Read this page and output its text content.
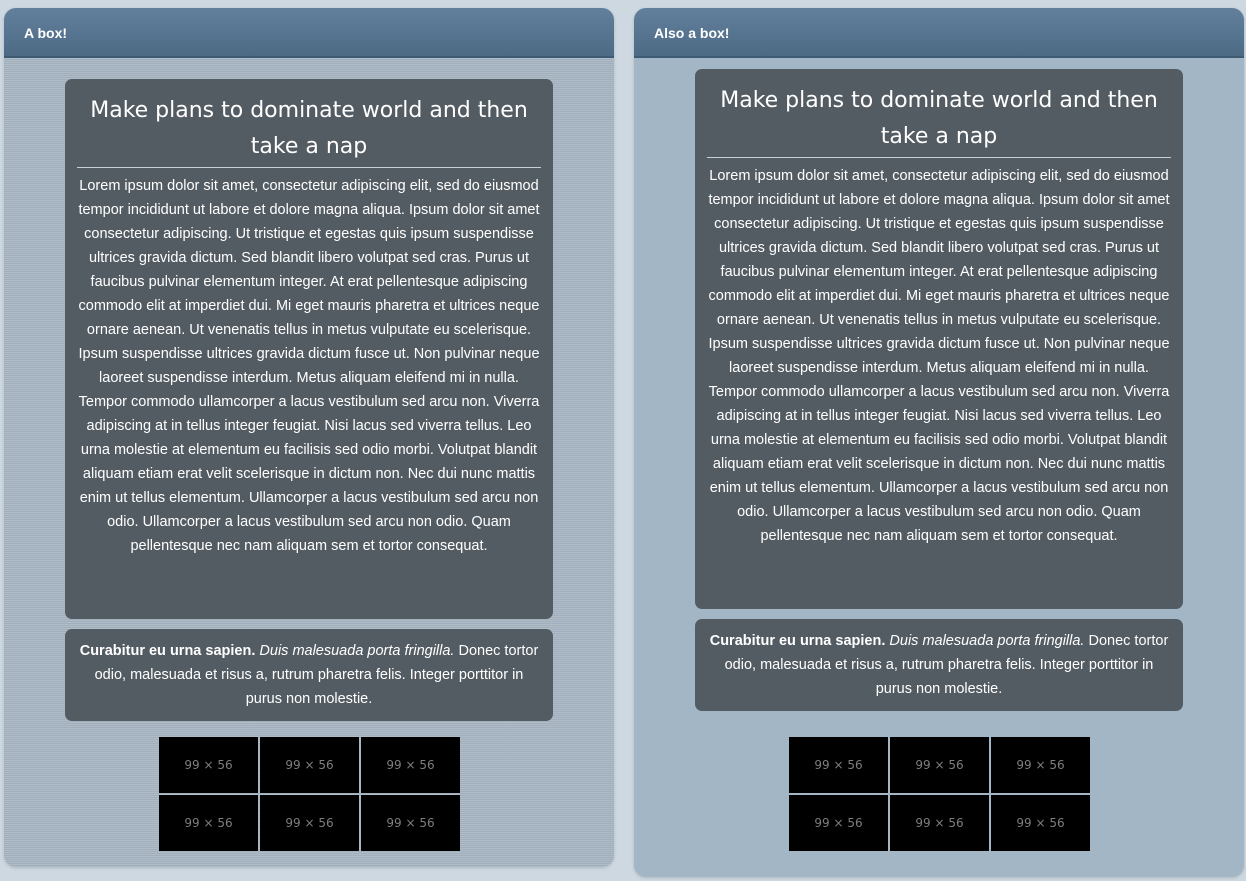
A box!
Make plans to dominate world and then take a nap
Lorem ipsum dolor sit amet, consectetur adipiscing elit, sed do eiusmod tempor incididunt ut labore et dolore magna aliqua. Ipsum dolor sit amet consectetur adipiscing. Ut tristique et egestas quis ipsum suspendisse ultrices gravida dictum. Sed blandit libero volutpat sed cras. Purus ut faucibus pulvinar elementum integer. At erat pellentesque adipiscing commodo elit at imperdiet dui. Mi eget mauris pharetra et ultrices neque ornare aenean. Ut venenatis tellus in metus vulputate eu scelerisque. Ipsum suspendisse ultrices gravida dictum fusce ut. Non pulvinar neque laoreet suspendisse interdum. Metus aliquam eleifend mi in nulla. Tempor commodo ullamcorper a lacus vestibulum sed arcu non. Viverra adipiscing at in tellus integer feugiat. Nisi lacus sed viverra tellus. Leo urna molestie at elementum eu facilisis sed odio morbi. Volutpat blandit aliquam etiam erat velit scelerisque in dictum non. Nec dui nunc mattis enim ut tellus elementum. Ullamcorper a lacus vestibulum sed arcu non odio. Ullamcorper a lacus vestibulum sed arcu non odio. Quam pellentesque nec nam aliquam sem et tortor consequat.
Curabitur eu urna sapien. Duis malesuada porta fringilla. Donec tortor odio, malesuada et risus a, rutrum pharetra felis. Integer porttitor in purus non molestie.
99 × 56	99 × 56	99 × 56
99 × 56	99 × 56	99 × 56
Also a box!
Make plans to dominate world and then take a nap
Lorem ipsum dolor sit amet, consectetur adipiscing elit, sed do eiusmod tempor incididunt ut labore et dolore magna aliqua. Ipsum dolor sit amet consectetur adipiscing. Ut tristique et egestas quis ipsum suspendisse ultrices gravida dictum. Sed blandit libero volutpat sed cras. Purus ut faucibus pulvinar elementum integer. At erat pellentesque adipiscing commodo elit at imperdiet dui. Mi eget mauris pharetra et ultrices neque ornare aenean. Ut venenatis tellus in metus vulputate eu scelerisque. Ipsum suspendisse ultrices gravida dictum fusce ut. Non pulvinar neque laoreet suspendisse interdum. Metus aliquam eleifend mi in nulla. Tempor commodo ullamcorper a lacus vestibulum sed arcu non. Viverra adipiscing at in tellus integer feugiat. Nisi lacus sed viverra tellus. Leo urna molestie at elementum eu facilisis sed odio morbi. Volutpat blandit aliquam etiam erat velit scelerisque in dictum non. Nec dui nunc mattis enim ut tellus elementum. Ullamcorper a lacus vestibulum sed arcu non odio. Ullamcorper a lacus vestibulum sed arcu non odio. Quam pellentesque nec nam aliquam sem et tortor consequat.
Curabitur eu urna sapien. Duis malesuada porta fringilla. Donec tortor odio, malesuada et risus a, rutrum pharetra felis. Integer porttitor in purus non molestie.
99 × 56	99 × 56	99 × 56
99 × 56	99 × 56	99 × 56
